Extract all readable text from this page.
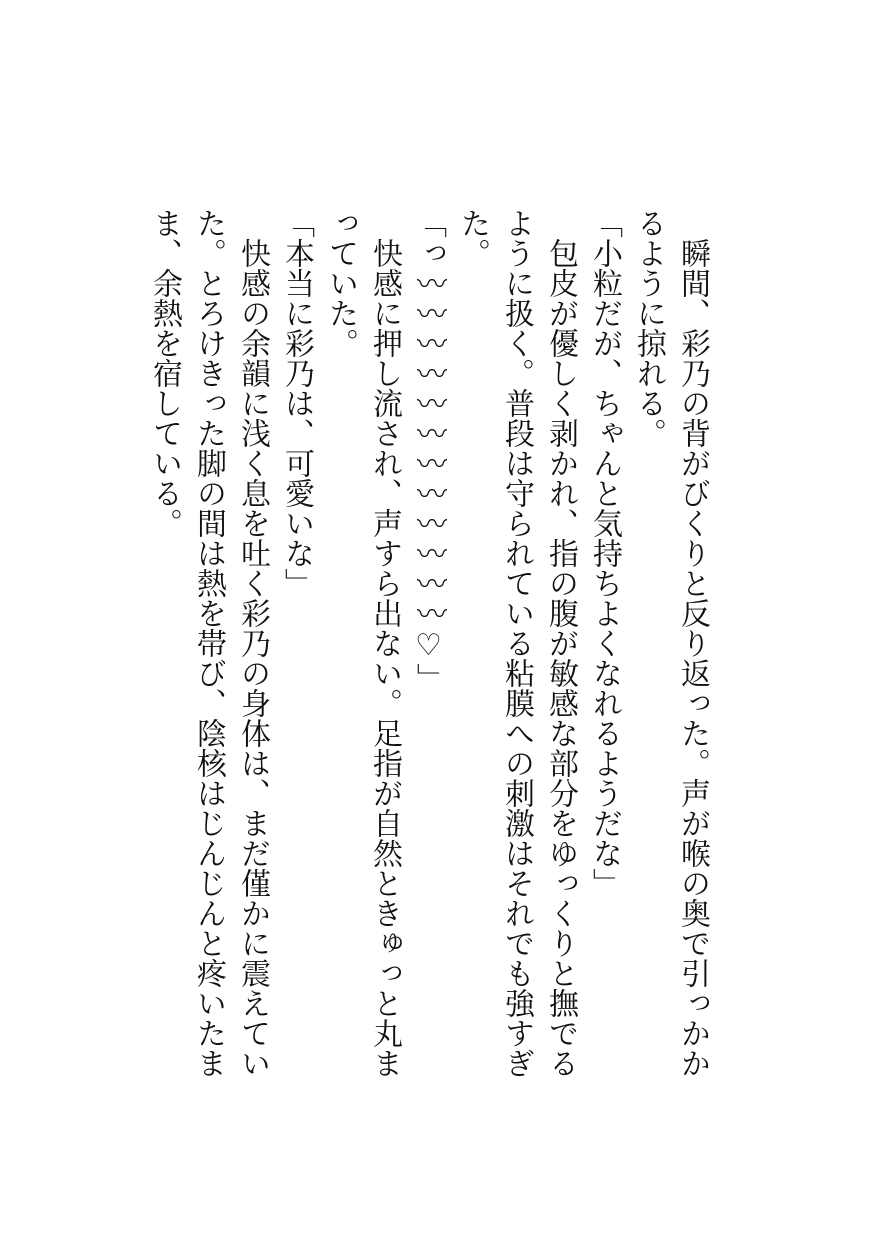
瞬間、彩乃の背がびくりと反り返った。声が喉の奥で引っかかるように掠れる。

「小粒だが、ちゃんと気持ちよくなれるようだな」

包皮が優しく剥かれ、指の腹が敏感な部分をゆっくりと撫でるように扱く。普段は守られている粘膜への刺激はそれでも強すぎた。

「っ〰〰〰〰〰〰〰〰〰〰〰〰♡」

快感に押し流され、声すら出ない。足指が自然ときゅっと丸まっていた。

「本当に彩乃は、可愛いな」

快感の余韻に浅く息を吐く彩乃の身体は、まだ僅かに震えていた。とろけきった脚の間は熱を帯び、陰核はじんじんと疼いたまま、余熱を宿している。
